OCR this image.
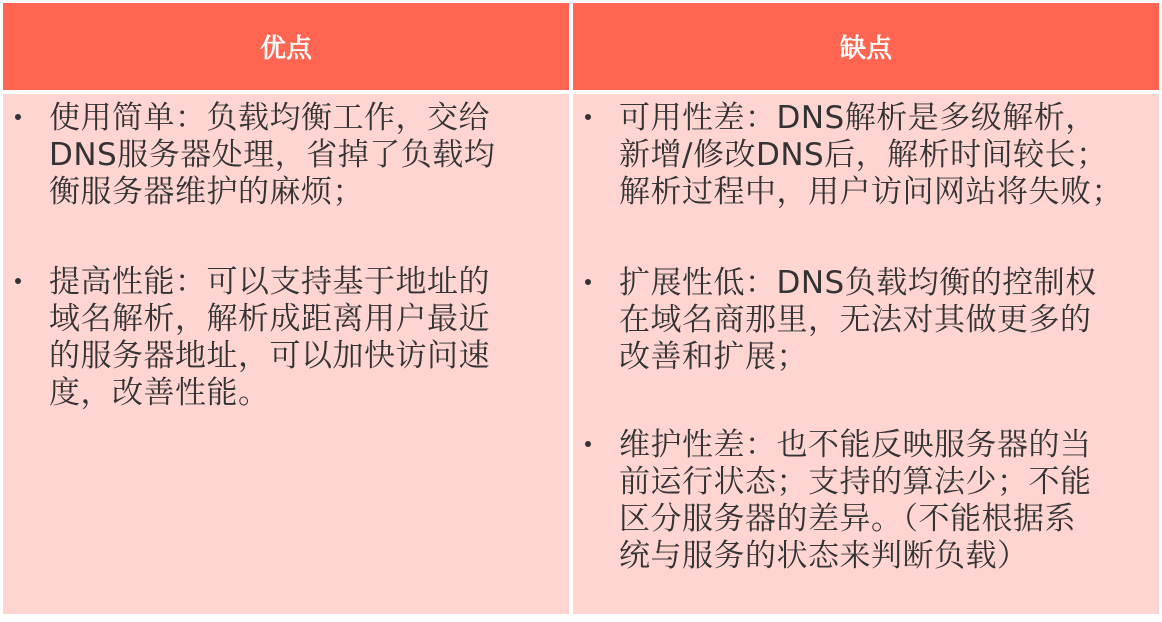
优点	缺点
使用简单：负载均衡工作，交给
DNS服务器处理，省掉了负载均
衡服务器维护的麻烦；
提高性能：可以支持基于地址的
域名解析，解析成距离用户最近
的服务器地址，可以加快访问速
度，改善性能。
可用性差：DNS解析是多级解析，
新增/修改DNS后，解析时间较长；
解析过程中，用户访问网站将失败；
扩展性低：DNS负载均衡的控制权
在域名商那里，无法对其做更多的
改善和扩展；
维护性差：也不能反映服务器的当
前运行状态；支持的算法少；不能
区分服务器的差异。（不能根据系
统与服务的状态来判断负载）
